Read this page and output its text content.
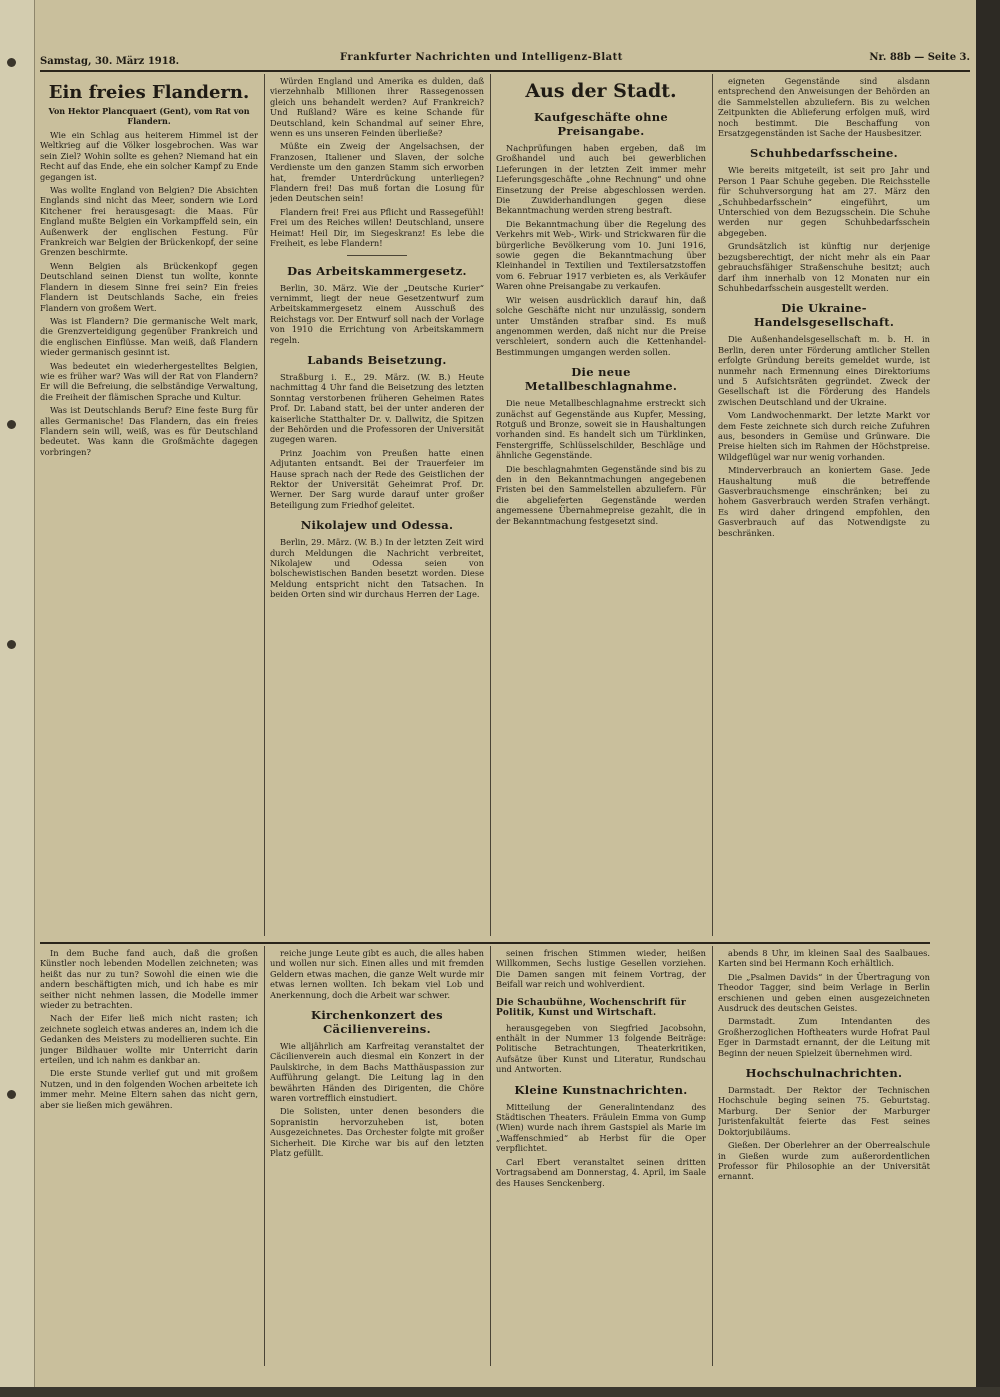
Samstag, 30. März 1918.	Frankfurter Nachrichten und Intelligenz-Blatt	Nr. 88b — Seite 3.
Ein freies Flandern.
Von Hektor Plancquaert (Gent), vom Rat von Flandern.

Wie ein Schlag aus heiterem Himmel ist der Weltkrieg auf die Völker losgebrochen. Was war sein Ziel? Wohin sollte es gehen? Niemand hat ein Recht auf das Ende, ehe ein solcher Kampf zu Ende gegangen ist.

Was wollte England von Belgien? Die Absichten Englands sind nicht das Meer, sondern wie Lord Kitchener frei herausgesagt: die Maas. Für England mußte Belgien ein Vorkampffeld sein, ein Außenwerk der englischen Festung. Für Frankreich war Belgien der Brückenkopf, der seine Grenzen beschirmte.

Wenn Belgien als Brückenkopf gegen Deutschland seinen Dienst tun wollte, konnte Flandern in diesem Sinne frei sein? Ein freies Flandern ist Deutschlands Sache, ein freies Flandern von großem Wert.

Was ist Flandern? Die germanische Welt mark, die Grenzverteidigung gegenüber Frankreich und die englischen Einflüsse. Man weiß, daß Flandern wieder germanisch gesinnt ist.

Was bedeutet ein wiederhergestelltes Belgien, wie es früher war? Was will der Rat von Flandern? Er will die Befreiung, die selbständige Verwaltung, die Freiheit der flämischen Sprache und Kultur.

Was ist Deutschlands Beruf? Eine feste Burg für alles Germanische! Das Flandern, das ein freies Flandern sein will, weiß, was es für Deutschland bedeutet. Was kann die Großmächte dagegen vorbringen?

Würden England und Amerika es dulden, daß vierzehnhalb Millionen ihrer Rassegenossen gleich uns behandelt werden? Auf Frankreich? Und Rußland? Wäre es keine Schande für Deutschland, kein Schandmal auf seiner Ehre, wenn es uns unseren Feinden überließe?

Müßte ein Zweig der Angelsachsen, der Franzosen, Italiener und Slaven, der solche Verdienste um den ganzen Stamm sich erworben hat, fremder Unterdrückung unterliegen? Flandern frei! Das muß fortan die Losung für jeden Deutschen sein!

Flandern frei! Frei aus Pflicht und Rassegefühl! Frei um des Reiches willen! Deutschland, unsere Heimat! Heil Dir, im Siegeskranz! Es lebe die Freiheit, es lebe Flandern!

Das Arbeitskammergesetz.

Berlin, 30. März. Wie der „Deutsche Kurier“ vernimmt, liegt der neue Gesetzentwurf zum Arbeitskammergesetz einem Ausschuß des Reichstags vor. Der Entwurf soll nach der Vorlage von 1910 die Errichtung von Arbeitskammern regeln.

Labands Beisetzung.

Straßburg i. E., 29. März. (W. B.) Heute nachmittag 4 Uhr fand die Beisetzung des letzten Sonntag verstorbenen früheren Geheimen Rates Prof. Dr. Laband statt, bei der unter anderen der kaiserliche Statthalter Dr. v. Dallwitz, die Spitzen der Behörden und die Professoren der Universität zugegen waren.

Prinz Joachim von Preußen hatte einen Adjutanten entsandt. Bei der Trauerfeier im Hause sprach nach der Rede des Geistlichen der Rektor der Universität Geheimrat Prof. Dr. Werner. Der Sarg wurde darauf unter großer Beteiligung zum Friedhof geleitet.

Nikolajew und Odessa.

Berlin, 29. März. (W. B.) In der letzten Zeit wird durch Meldungen die Nachricht verbreitet, Nikolajew und Odessa seien von bolschewistischen Banden besetzt worden. Diese Meldung entspricht nicht den Tatsachen. In beiden Orten sind wir durchaus Herren der Lage.

Aus der Stadt.
Kaufgeschäfte ohne Preisangabe.

Nachprüfungen haben ergeben, daß im Großhandel und auch bei gewerblichen Lieferungen in der letzten Zeit immer mehr Lieferungsgeschäfte „ohne Rechnung“ und ohne Einsetzung der Preise abgeschlossen werden. Die Zuwiderhandlungen gegen diese Bekanntmachung werden streng bestraft.

Die Bekanntmachung über die Regelung des Verkehrs mit Web-, Wirk- und Strickwaren für die bürgerliche Bevölkerung vom 10. Juni 1916, sowie gegen die Bekanntmachung über Kleinhandel in Textilien und Textilersatzstoffen vom 6. Februar 1917 verbieten es, als Verkäufer Waren ohne Preisangabe zu verkaufen.

Wir weisen ausdrücklich darauf hin, daß solche Geschäfte nicht nur unzulässig, sondern unter Umständen strafbar sind. Es muß angenommen werden, daß nicht nur die Preise verschleiert, sondern auch die Kettenhandel-Bestimmungen umgangen werden sollen.

Die neue Metallbeschlagnahme.

Die neue Metallbeschlagnahme erstreckt sich zunächst auf Gegenstände aus Kupfer, Messing, Rotguß und Bronze, soweit sie in Haushaltungen vorhanden sind. Es handelt sich um Türklinken, Fenstergriffe, Schlüsselschilder, Beschläge und ähnliche Gegenstände.

Die beschlagnahmten Gegenstände sind bis zu den in den Bekanntmachungen angegebenen Fristen bei den Sammelstellen abzuliefern. Für die abgelieferten Gegenstände werden angemessene Übernahmepreise gezahlt, die in der Bekanntmachung festgesetzt sind.

eigneten Gegenstände sind alsdann entsprechend den Anweisungen der Behörden an die Sammelstellen abzuliefern. Bis zu welchen Zeitpunkten die Ablieferung erfolgen muß, wird noch bestimmt. Die Beschaffung von Ersatzgegenständen ist Sache der Hausbesitzer.

Schuhbedarfsscheine.

Wie bereits mitgeteilt, ist seit pro Jahr und Person 1 Paar Schuhe gegeben. Die Reichsstelle für Schuhversorgung hat am 27. März den „Schuhbedarfsschein“ eingeführt, um Unterschied von dem Bezugsschein. Die Schuhe werden nur gegen Schuhbedarfsschein abgegeben.

Grundsätzlich ist künftig nur derjenige bezugsberechtigt, der nicht mehr als ein Paar gebrauchsfähiger Straßenschuhe besitzt; auch darf ihm innerhalb von 12 Monaten nur ein Schuhbedarfsschein ausgestellt werden.

Die Ukraine-Handelsgesellschaft.

Die Außenhandelsgesellschaft m. b. H. in Berlin, deren unter Förderung amtlicher Stellen erfolgte Gründung bereits gemeldet wurde, ist nunmehr nach Ermennung eines Direktoriums und 5 Aufsichtsräten gegründet. Zweck der Gesellschaft ist die Förderung des Handels zwischen Deutschland und der Ukraine.

Vom Landwochenmarkt. Der letzte Markt vor dem Feste zeichnete sich durch reiche Zufuhren aus, besonders in Gemüse und Grünware. Die Preise hielten sich im Rahmen der Höchstpreise. Wildgeflügel war nur wenig vorhanden.

Minderverbrauch an koniertem Gase. Jede Haushaltung muß die betreffende Gasverbrauchsmenge einschränken; bei zu hohem Gasverbrauch werden Strafen verhängt. Es wird daher dringend empfohlen, den Gasverbrauch auf das Notwendigste zu beschränken.

In dem Buche fand auch, daß die großen Künstler noch lebenden Modellen zeichneten; was heißt das nur zu tun? Sowohl die einen wie die andern beschäftigten mich, und ich habe es mir seither nicht nehmen lassen, die Modelle immer wieder zu betrachten.

Nach der Eifer ließ mich nicht rasten; ich zeichnete sogleich etwas anderes an, indem ich die Gedanken des Meisters zu modellieren suchte. Ein junger Bildhauer wollte mir Unterricht darin erteilen, und ich nahm es dankbar an.

Die erste Stunde verlief gut und mit großem Nutzen, und in den folgenden Wochen arbeitete ich immer mehr. Meine Eltern sahen das nicht gern, aber sie ließen mich gewähren.

reiche junge Leute gibt es auch, die alles haben und wollen nur sich. Einen alles und mit fremden Geldern etwas machen, die ganze Welt wurde mir etwas lernen wollten. Ich bekam viel Lob und Anerkennung, doch die Arbeit war schwer.

Kirchenkonzert des Cäcilienvereins.

Wie alljährlich am Karfreitag veranstaltet der Cäcilienverein auch diesmal ein Konzert in der Paulskirche, in dem Bachs Matthäuspassion zur Aufführung gelangt. Die Leitung lag in den bewährten Händen des Dirigenten, die Chöre waren vortrefflich einstudiert.

Die Solisten, unter denen besonders die Sopranistin hervorzuheben ist, boten Ausgezeichnetes. Das Orchester folgte mit großer Sicherheit. Die Kirche war bis auf den letzten Platz gefüllt.

seinen frischen Stimmen wieder, heißen Willkommen, Sechs lustige Gesellen vorziehen. Die Damen sangen mit feinem Vortrag, der Beifall war reich und wohlverdient.

Die Schaubühne, Wochenschrift für Politik, Kunst und Wirtschaft.

herausgegeben von Siegfried Jacobsohn, enthält in der Nummer 13 folgende Beiträge: Politische Betrachtungen, Theaterkritiken, Aufsätze über Kunst und Literatur, Rundschau und Antworten.

Kleine Kunstnachrichten.

Mitteilung der Generalintendanz des Städtischen Theaters. Fräulein Emma von Gump (Wien) wurde nach ihrem Gastspiel als Marie im „Waffenschmied“ ab Herbst für die Oper verpflichtet.

Carl Ebert veranstaltet seinen dritten Vortragsabend am Donnerstag, 4. April, im Saale des Hauses Senckenberg.

abends 8 Uhr, im kleinen Saal des Saalbaues. Karten sind bei Hermann Koch erhältlich.

Die „Psalmen Davids“ in der Übertragung von Theodor Tagger, sind beim Verlage in Berlin erschienen und geben einen ausgezeichneten Ausdruck des deutschen Geistes.

Darmstadt. Zum Intendanten des Großherzoglichen Hoftheaters wurde Hofrat Paul Eger in Darmstadt ernannt, der die Leitung mit Beginn der neuen Spielzeit übernehmen wird.

Hochschulnachrichten.

Darmstadt. Der Rektor der Technischen Hochschule beging seinen 75. Geburtstag. Marburg. Der Senior der Marburger Juristenfakultät feierte das Fest seines Doktorjubiläums.

Gießen. Der Oberlehrer an der Oberrealschule in Gießen wurde zum außerordentlichen Professor für Philosophie an der Universität ernannt.
